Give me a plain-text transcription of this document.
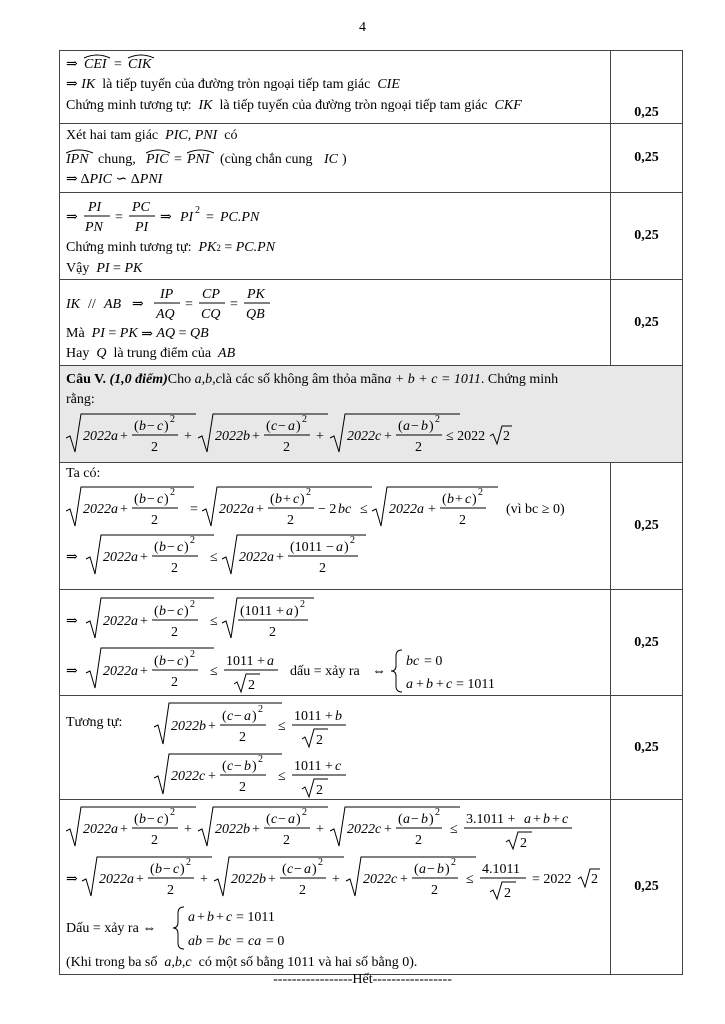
4
⇒ CEI = CIK
⇒ IK là tiếp tuyến của đường tròn ngoại tiếp tam giác CIE
Chứng minh tương tự: IK là tiếp tuyến của đường tròn ngoại tiếp tam giác CKF	0,25
Xét hai tam giác PIC , PNI có
IPN chung, PIC = PNI (cùng chắn cung IC )
⇒ Δ PIC ∽ Δ PNI
0,25
⇒
PI
PN
=
PC
PI
⇒ PI 2 = PC.PN
Chứng minh tương tự: PK 2 = PC.PN
Vậy PI = PK
0,25
IK // AB ⇒
IP
AQ
=
CP
CQ
=
PK
QB
Mà PI = PK ⇒ AQ = QB
Hay Q là trung điểm của AB
0,25
Câu V.
(1,0 điểm) Cho
a,b,c là các số không âm thỏa mãn a + b + c = 1011 . Chứng minh
rằng:
2022a +
( b − c ) 2
2
+ 2022b +
( c − a ) 2
2
+ 2022c +
( a − b ) 2
2
≤ 2022 2
Ta có:
2022a +
( b − c ) 2
2
= 2022a +
( b + c ) 2
2
− 2 bc ≤ 2022a +
( b + c ) 2
2
(vì bc ≥ 0)
⇒ 2022a +
( b − c ) 2
2
≤ 2022a +
(1011 − a ) 2
2
0,25
⇒ 2022a +
( b − c ) 2
2
≤
(1011 + a ) 2
2
⇒ 2022a +
( b − c ) 2
2
≤
1011 + a
2
dấu = xảy ra ⇔
bc = 0
a + b + c = 1011
0,25
Tương tự:	2022b +
( c − a ) 2
2
≤
1011 + b
2
2022c +
( c − b ) 2
2
≤
1011 + c
2
0,25
2022a +
( b − c ) 2
2
+ 2022b +
( c − a ) 2
2
+ 2022c +
( a − b ) 2
2
≤
3.1011 + a + b + c
2
⇒ 2022a +
( b − c ) 2
2
+ 2022b +
( c − a ) 2
2
+ 2022c +
( a − b ) 2
2
≤
4.1011
2
= 2022 2
Dấu = xảy ra ⇔
a + b + c = 1011
ab = bc = ca = 0
(Khi trong ba số a,b,c có một số bằng 1011 và hai số bằng 0).
0,25
-----------------Hết-----------------
